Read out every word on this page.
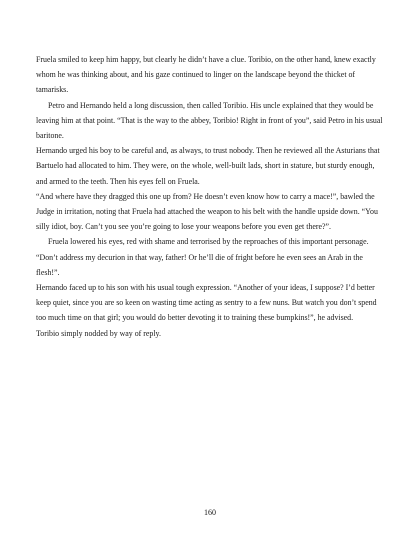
Fruela smiled to keep him happy, but clearly he didn’t have a clue. Toribio, on the other hand, knew exactly whom he was thinking about, and his gaze continued to linger on the landscape beyond the thicket of tamarisks.

Petro and Hernando held a long discussion, then called Toribio. His uncle explained that they would be leaving him at that point. “That is the way to the abbey, Toribio! Right in front of you”, said Petro in his usual baritone.

Hernando urged his boy to be careful and, as always, to trust nobody. Then he reviewed all the Asturians that Bartuelo had allocated to him. They were, on the whole, well-built lads, short in stature, but sturdy enough, and armed to the teeth. Then his eyes fell on Fruela.

“And where have they dragged this one up from? He doesn’t even know how to carry a mace!”, bawled the Judge in irritation, noting that Fruela had attached the weapon to his belt with the handle upside down. “You silly idiot, boy. Can’t you see you’re going to lose your weapons before you even get there?”.

Fruela lowered his eyes, red with shame and terrorised by the reproaches of this important personage.

“Don’t address my decurion in that way, father! Or he’ll die of fright before he even sees an Arab in the flesh!”.

Hernando faced up to his son with his usual tough expression. “Another of your ideas, I suppose? I’d better keep quiet, since you are so keen on wasting time acting as sentry to a few nuns. But watch you don’t spend too much time on that girl; you would do better devoting it to training these bumpkins!”, he advised.

Toribio simply nodded by way of reply.

160
